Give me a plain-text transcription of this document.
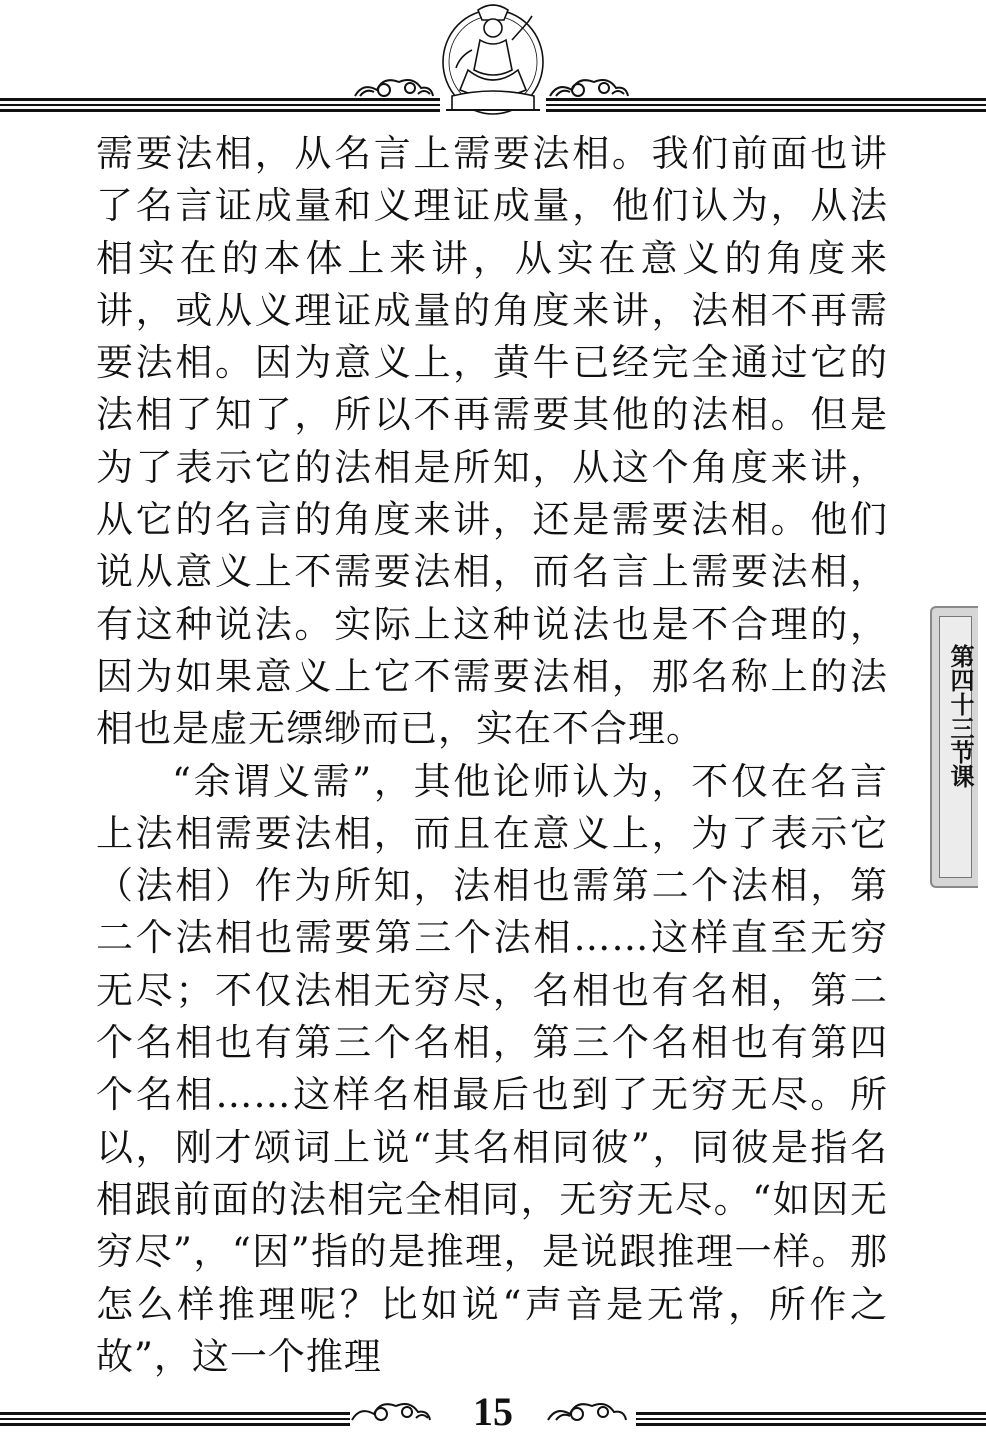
需要法相，从名言上需要法相。我们前面也讲了名言证成量和义理证成量，他们认为，从法相实在的本体上来讲，从实在意义的角度来讲，或从义理证成量的角度来讲，法相不再需要法相。因为意义上，黄牛已经完全通过它的法相了知了，所以不再需要其他的法相。但是为了表示它的法相是所知，从这个角度来讲，从它的名言的角度来讲，还是需要法相。他们说从意义上不需要法相，而名言上需要法相，有这种说法。实际上这种说法也是不合理的，因为如果意义上它不需要法相，那名称上的法相也是虚无缥缈而已，实在不合理。

“余谓义需”，其他论师认为，不仅在名言上法相需要法相，而且在意义上，为了表示它（法相）作为所知，法相也需第二个法相，第二个法相也需要第三个法相……这样直至无穷无尽；不仅法相无穷尽，名相也有名相，第二个名相也有第三个名相，第三个名相也有第四个名相……这样名相最后也到了无穷无尽。所以，刚才颂词上说“其名相同彼”，同彼是指名相跟前面的法相完全相同，无穷无尽。“如因无穷尽”，“因”指的是推理，是说跟推理一样。那怎么样推理呢？比如说“声音是无常，所作之故”，这一个推理

第四十三节课
15
